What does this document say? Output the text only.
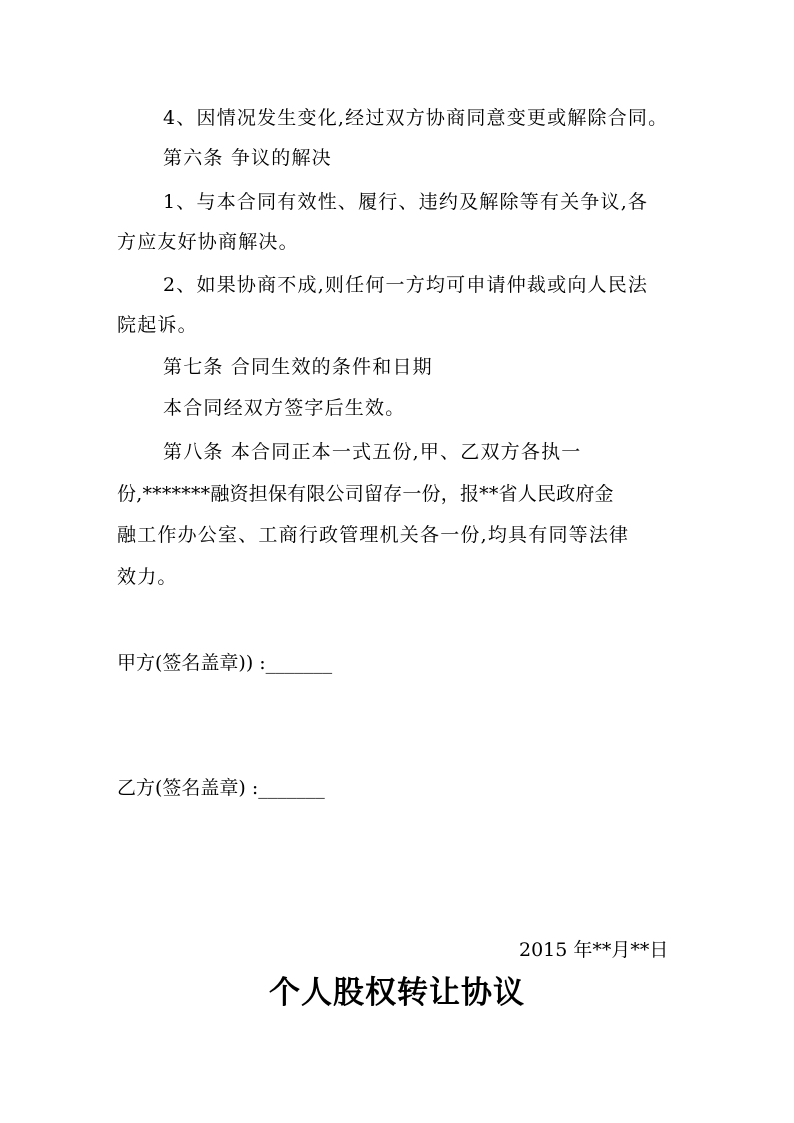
4、因情况发生变化,经过双方协商同意变更或解除合同。
第六条 争议的解决
1、与本合同有效性、履行、违约及解除等有关争议,各
方应友好协商解决。
2、如果协商不成,则任何一方均可申请仲裁或向人民法
院起诉。
第七条 合同生效的条件和日期
本合同经双方签字后生效。
第八条 本合同正本一式五份,甲、乙双方各执一
份,*******融资担保有限公司留存一份，报**省人民政府金
融工作办公室、工商行政管理机关各一份,均具有同等法律
效力。
甲方(签名盖章)) :_______
乙方(签名盖章) :_______
2015 年**月**日
个人股权转让协议
